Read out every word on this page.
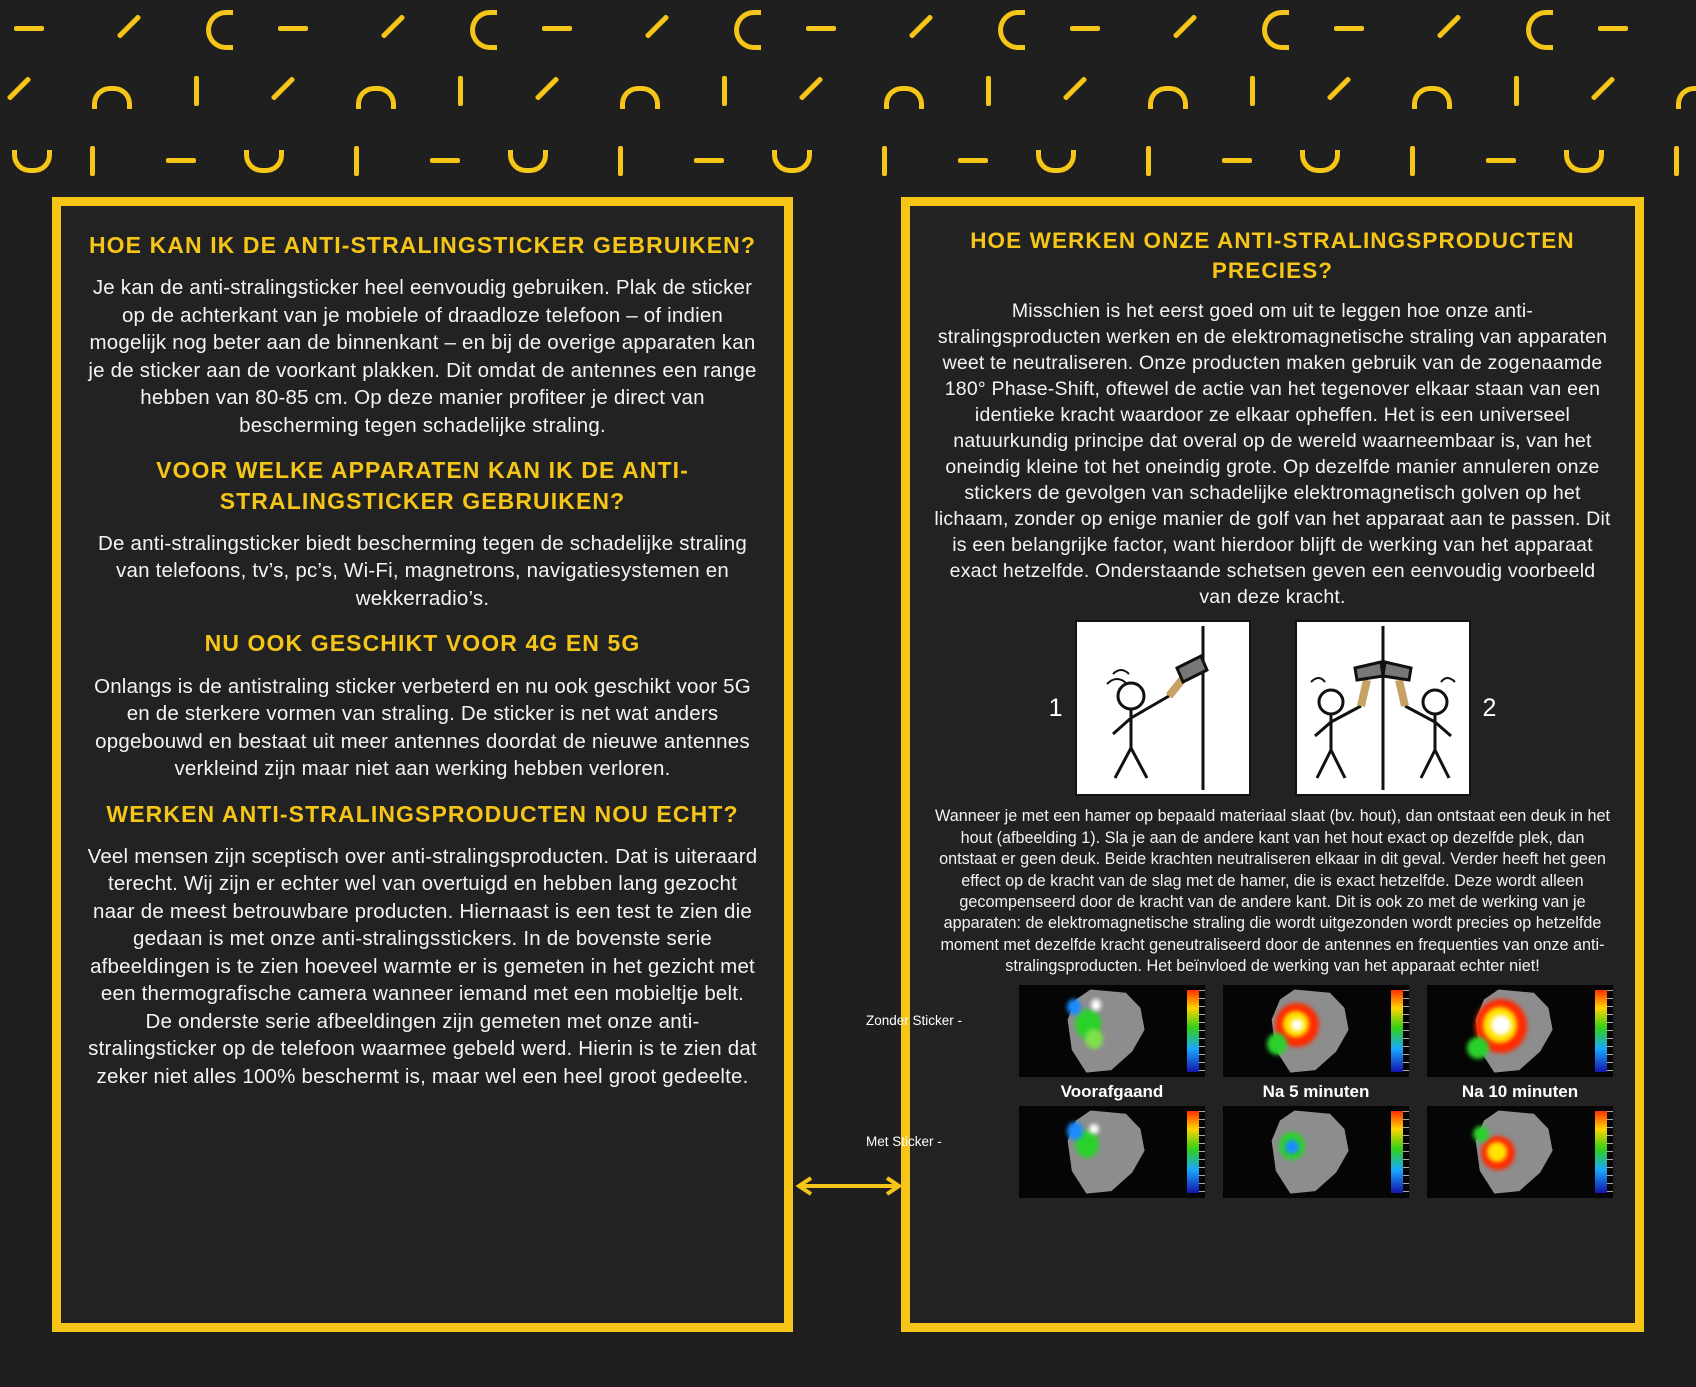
HOE KAN IK DE ANTI-STRALINGSTICKER GEBRUIKEN?

Je kan de anti-stralingsticker heel eenvoudig gebruiken. Plak de sticker op de achterkant van je mobiele of draadloze telefoon – of indien mogelijk nog beter aan de binnenkant – en bij de overige apparaten kan je de sticker aan de voorkant plakken. Dit omdat de antennes een range hebben van 80-85 cm. Op deze manier profiteer je direct van bescherming tegen schadelijke straling.

VOOR WELKE APPARATEN KAN IK DE ANTI-STRALINGSTICKER GEBRUIKEN?

De anti-stralingsticker biedt bescherming tegen de schadelijke straling van telefoons, tv’s, pc’s, Wi-Fi, magnetrons, navigatiesystemen en wekkerradio’s.

NU OOK GESCHIKT VOOR 4G EN 5G

Onlangs is de antistraling sticker verbeterd en nu ook geschikt voor 5G en de sterkere vormen van straling. De sticker is net wat anders opgebouwd en bestaat uit meer antennes doordat de nieuwe antennes verkleind zijn maar niet aan werking hebben verloren.

WERKEN ANTI-STRALINGSPRODUCTEN NOU ECHT?

Veel mensen zijn sceptisch over anti-stralingsproducten. Dat is uiteraard terecht. Wij zijn er echter wel van overtuigd en hebben lang gezocht naar de meest betrouwbare producten. Hiernaast is een test te zien die gedaan is met onze anti-stralingsstickers. In de bovenste serie afbeeldingen is te zien hoeveel warmte er is gemeten in het gezicht met een thermografische camera wanneer iemand met een mobieltje belt. De onderste serie afbeeldingen zijn gemeten met onze anti-stralingsticker op de telefoon waarmee gebeld werd. Hierin is te zien dat zeker niet alles 100% beschermt is, maar wel een heel groot gedeelte.

HOE WERKEN ONZE ANTI-STRALINGSPRODUCTEN PRECIES?

Misschien is het eerst goed om uit te leggen hoe onze anti-stralingsproducten werken en de elektromagnetische straling van apparaten weet te neutraliseren. Onze producten maken gebruik van de zogenaamde 180° Phase-Shift, oftewel de actie van het tegenover elkaar staan van een identieke kracht waardoor ze elkaar opheffen. Het is een universeel natuurkundig principe dat overal op de wereld waarneembaar is, van het oneindig kleine tot het oneindig grote. Op dezelfde manier annuleren onze stickers de gevolgen van schadelijke elektromagnetisch golven op het lichaam, zonder op enige manier de golf van het apparaat aan te passen. Dit is een belangrijke factor, want hierdoor blijft de werking van het apparaat exact hetzelfde. Onderstaande schetsen geven een eenvoudig voorbeeld van deze kracht.

1	2

Wanneer je met een hamer op bepaald materiaal slaat (bv. hout), dan ontstaat een deuk in het hout (afbeelding 1). Sla je aan de andere kant van het hout exact op dezelfde plek, dan ontstaat er geen deuk. Beide krachten neutraliseren elkaar in dit geval. Verder heeft het geen effect op de kracht van de slag met de hamer, die is exact hetzelfde. Deze wordt alleen gecompenseerd door de kracht van de andere kant. Dit is ook zo met de werking van je apparaten: de elektromagnetische straling die wordt uitgezonden wordt precies op hetzelfde moment met dezelfde kracht geneutraliseerd door de antennes en frequenties van onze anti-stralingsproducten. Het beïnvloed de werking van het apparaat echter niet!

Zonder Sticker -
Voorafgaand	Na 5 minuten	Na 10 minuten
Met Sticker -
